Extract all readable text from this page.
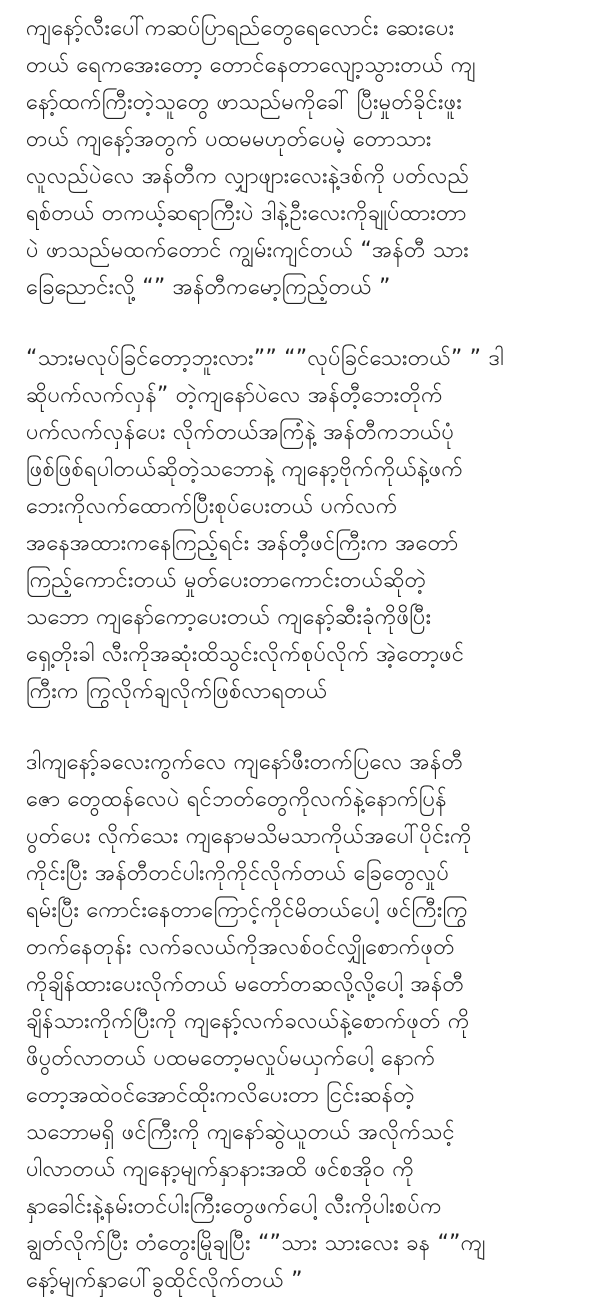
ကျနော့်လီးပေါ်ကဆပ်ပြာရည်တွေရေလောင်း ဆေးပေး
တယ် ရေကအေးတော့ တောင်နေတာလျော့သွားတယ် ကျ
နော့်ထက်ကြီးတဲ့သူတွေ ဖာသည်မကိုခေါ် ပြီးမှုတ်ခိုင်းဖူး
တယ် ကျနော့်အတွက် ပထမမဟုတ်ပေမဲ့ တောသား
လူလည်ပဲလေ အန်တီက လျှာဖျားလေးနဲ့ဒစ်ကို ပတ်လည်
ရစ်တယ် တကယ့်ဆရာကြီးပဲ ဒါနဲ့ဦးလေးကိုချုပ်ထားတာ
ပဲ ဖာသည်မထက်တောင် ကျွမ်းကျင်တယ် “အန်တီ သား
ခြေညောင်းလို့ “” အန်တီကမော့ကြည့်တယ် ”

“သားမလုပ်ခြင်တော့ဘူးလား”” “”လုပ်ခြင်သေးတယ်” ” ဒါ
ဆိုပက်လက်လှန်” တဲ့ကျနော်ပဲလေ အန်တီ့ဘေးတိုက်
ပက်လက်လှန်ပေး လိုက်တယ်အကြံနဲ့ အန်တီကဘယ်ပုံ
ဖြစ်ဖြစ်ရပါတယ်ဆိုတဲ့သဘောနဲ့ ကျနော့ဗိုက်ကိုယ်နဲ့ဖက်
ဘေးကိုလက်ထောက်ပြီးစုပ်ပေးတယ် ပက်လက်
အနေအထားကနေကြည့်ရင်း အန်တီ့ဖင်ကြီးက အတော်
ကြည့်ကောင်းတယ် မှုတ်ပေးတာကောင်းတယ်ဆိုတဲ့
သဘော ကျနော်ကော့ပေးတယ် ကျနော့်ဆီးခုံကိုဖိပြီး
ရှေ့တိုးခါ လီးကိုအဆုံးထိသွင်းလိုက်စုပ်လိုက် အဲ့တော့ဖင်
ကြီးက ကြွလိုက်ချလိုက်ဖြစ်လာရတယ်

ဒါကျနော့်ခလေးကွက်လေ ကျနော်ဖီးတက်ပြလေ အန်တီ
ဇော တွေထန်လေပဲ ရင်ဘတ်တွေကိုလက်နဲ့နောက်ပြန်
ပွတ်ပေး လိုက်သေး ကျနောမသိမသာကိုယ်အပေါ်ပိုင်းကို
ကိုင်းပြီး အန်တီတင်ပါးကိုကိုင်လိုက်တယ် ခြေတွေလှုပ်
ရမ်းပြီး ကောင်းနေတာကြောင့်ကိုင်မိတယ်ပေါ့ ဖင်ကြီးကြွ
တက်နေတုန်း လက်ခလယ်ကိုအလစ်ဝင်လျှိုစောက်ဖုတ်
ကိုချိန်ထားပေးလိုက်တယ် မတော်တဆလို့လို့ပေါ့ အန်တီ
ချိန်သားကိုက်ပြီးကို ကျနော့်လက်ခလယ်နဲ့စောက်ဖုတ် ကို
ဖိပွတ်လာတယ် ပထမတော့မလှုပ်မယှက်ပေါ့ နောက်
တော့အထဲဝင်အောင်ထိုးကလိပေးတာ ငြင်းဆန်တဲ့
သဘောမရှိ ဖင်ကြီးကို ကျနော်ဆွဲယူတယ် အလိုက်သင့်
ပါလာတယ် ကျနော့မျက်နှာနားအထိ ဖင်စအိုဝ ကို
နှာခေါင်းနဲ့နမ်းတင်ပါးကြီးတွေဖက်ပေါ့ လီးကိုပါးစပ်က
ချွတ်လိုက်ပြီး တံတွေးမြိုချပြီး “”သား သားလေး ခန “”ကျ
နော့်မျက်နှာပေါ်ခွထိုင်လိုက်တယ် ”
